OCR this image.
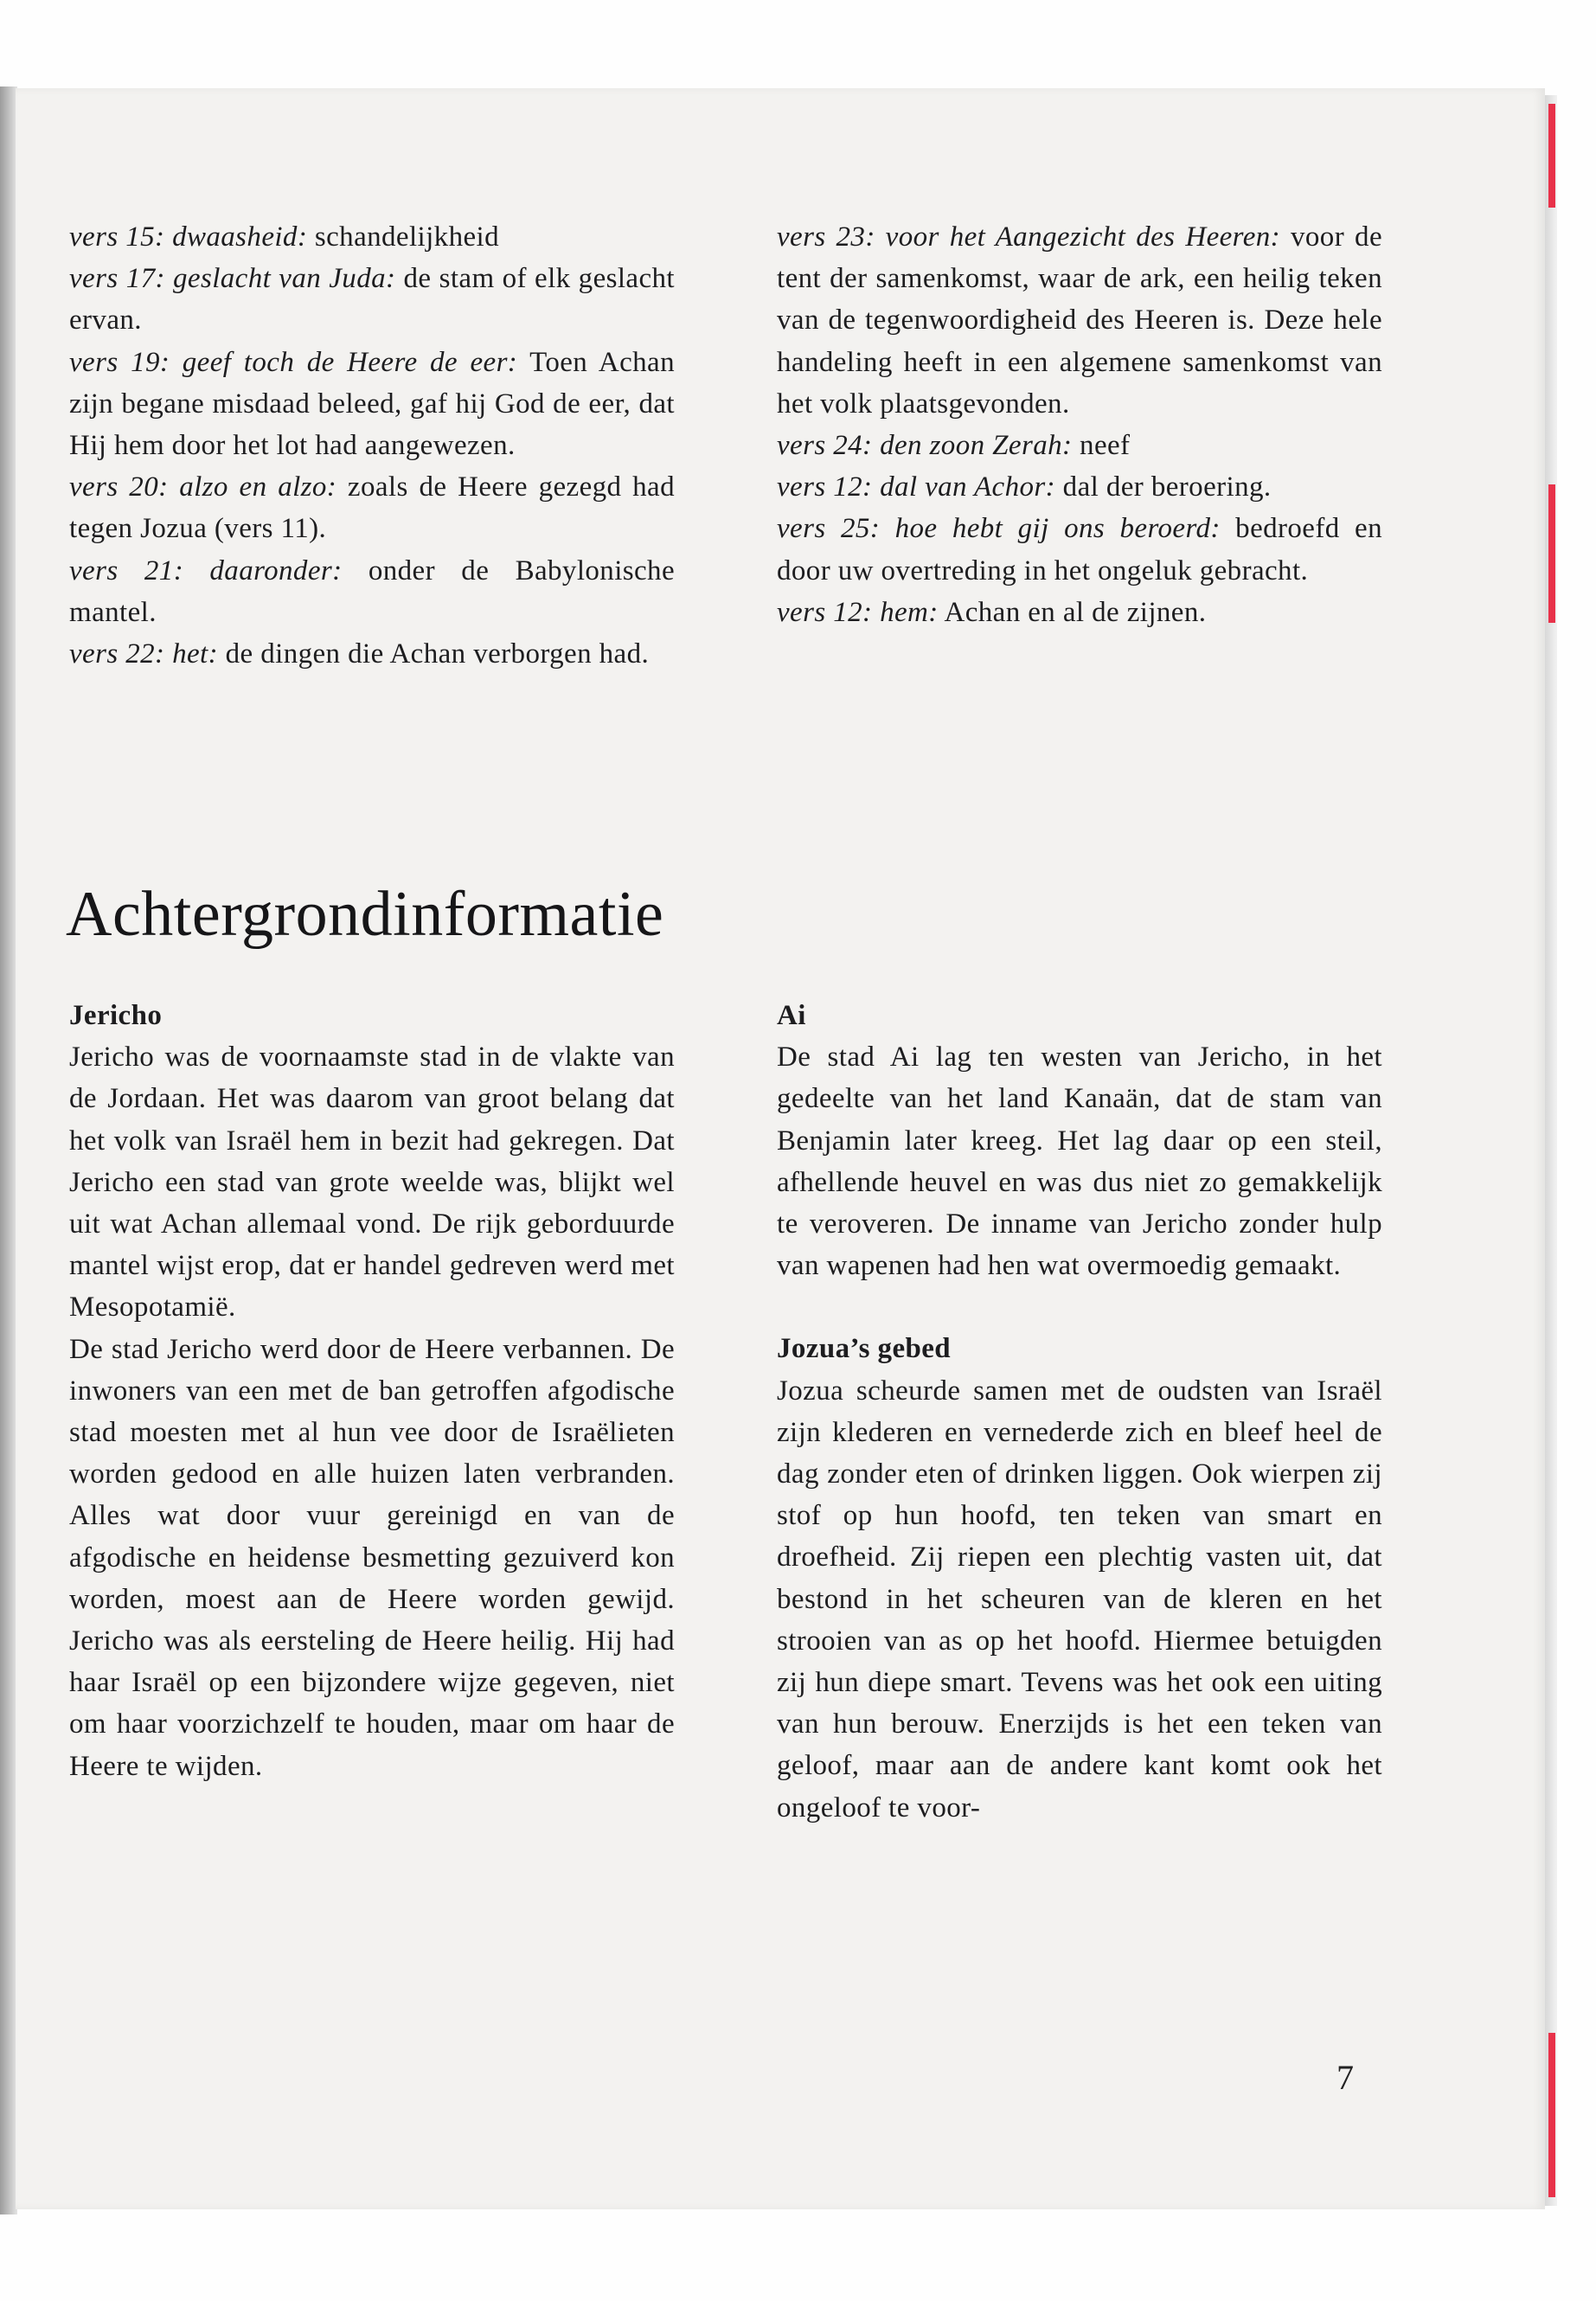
vers 15: dwaasheid: schandelijkheid

vers 17: geslacht van Juda: de stam of elk geslacht ervan.

vers 19: geef toch de Heere de eer: Toen Achan zijn begane misdaad beleed, gaf hij God de eer, dat Hij hem door het lot had aangewezen.

vers 20: alzo en alzo: zoals de Heere gezegd had tegen Jozua (vers 11).

vers 21: daaronder: onder de Babylonische mantel.

vers 22: het: de dingen die Achan verborgen had.

vers 23: voor het Aangezicht des Heeren: voor de tent der samenkomst, waar de ark, een heilig teken van de tegenwoordigheid des Heeren is. Deze hele handeling heeft in een algemene samenkomst van het volk plaatsgevonden.

vers 24: den zoon Zerah: neef

vers 12: dal van Achor: dal der beroering.

vers 25: hoe hebt gij ons beroerd: bedroefd en door uw overtreding in het ongeluk gebracht.

vers 12: hem: Achan en al de zijnen.

Achtergrondinformatie

Jericho

Jericho was de voornaamste stad in de vlakte van de Jordaan. Het was daarom van groot belang dat het volk van Israël hem in bezit had gekregen. Dat Jericho een stad van grote weelde was, blijkt wel uit wat Achan allemaal vond. De rijk geborduurde mantel wijst erop, dat er handel gedreven werd met Mesopotamië.

De stad Jericho werd door de Heere verbannen. De inwoners van een met de ban getroffen afgodische stad moesten met al hun vee door de Israëlieten worden gedood en alle huizen laten verbranden. Alles wat door vuur gereinigd en van de afgodische en heidense besmetting gezuiverd kon worden, moest aan de Heere worden gewijd. Jericho was als eersteling de Heere heilig. Hij had haar Israël op een bijzondere wijze gegeven, niet om haar voorzichzelf te houden, maar om haar de Heere te wijden.

Ai

De stad Ai lag ten westen van Jericho, in het gedeelte van het land Kanaän, dat de stam van Benjamin later kreeg. Het lag daar op een steil, afhellende heuvel en was dus niet zo gemakkelijk te veroveren. De inname van Jericho zonder hulp van wapenen had hen wat overmoedig gemaakt.

Jozua’s gebed

Jozua scheurde samen met de oudsten van Israël zijn klederen en vernederde zich en bleef heel de dag zonder eten of drinken liggen. Ook wierpen zij stof op hun hoofd, ten teken van smart en droefheid. Zij riepen een plechtig vasten uit, dat bestond in het scheuren van de kleren en het strooien van as op het hoofd. Hiermee betuigden zij hun diepe smart. Tevens was het ook een uiting van hun berouw. Enerzijds is het een teken van geloof, maar aan de andere kant komt ook het ongeloof te voor-

7
